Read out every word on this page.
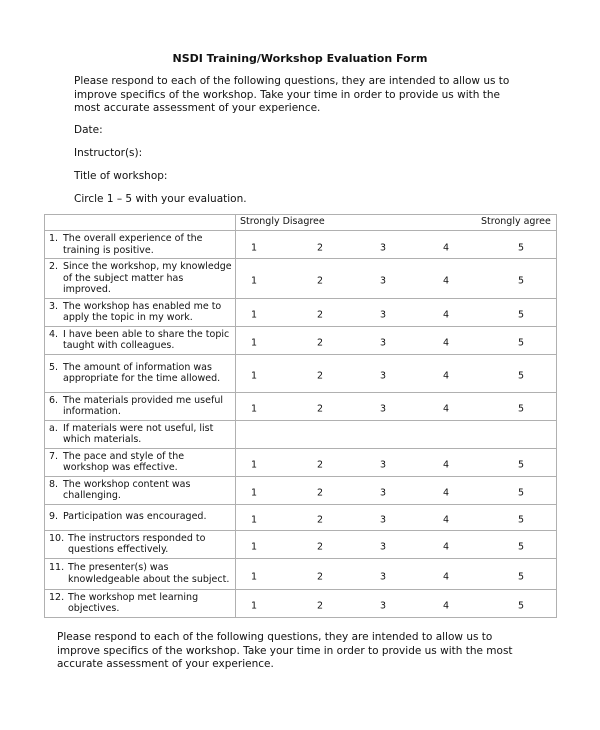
NSDI Training/Workshop Evaluation Form
Please respond to each of the following questions, they are intended to allow us to improve specifics of the workshop. Take your time in order to provide us with the most accurate assessment of your experience.
Date:
Instructor(s):
Title of workshop:
Circle 1 – 5 with your evaluation.

	Strongly Disagree Strongly agree

1. The overall experience of the training is positive.	1 2 3 4 5

2. Since the workshop, my knowledge of the subject matter has improved.	1 2 3 4 5

3. The workshop has enabled me to apply the topic in my work.	1 2 3 4 5

4. I have been able to share the topic taught with colleagues.	1 2 3 4 5

5. The amount of information was appropriate for the time allowed.	1 2 3 4 5

6. The materials provided me useful information.	1 2 3 4 5

a. If materials were not useful, list which materials.	

7. The pace and style of the workshop was effective.	1 2 3 4 5

8. The workshop content was challenging.	1 2 3 4 5

9. Participation was encouraged.	1 2 3 4 5

10. The instructors responded to questions effectively.	1 2 3 4 5

11. The presenter(s) was knowledgeable about the subject.	1 2 3 4 5

12. The workshop met learning objectives.	1 2 3 4 5
Please respond to each of the following questions, they are intended to allow us to improve specifics of the workshop. Take your time in order to provide us with the most accurate assessment of your experience.
